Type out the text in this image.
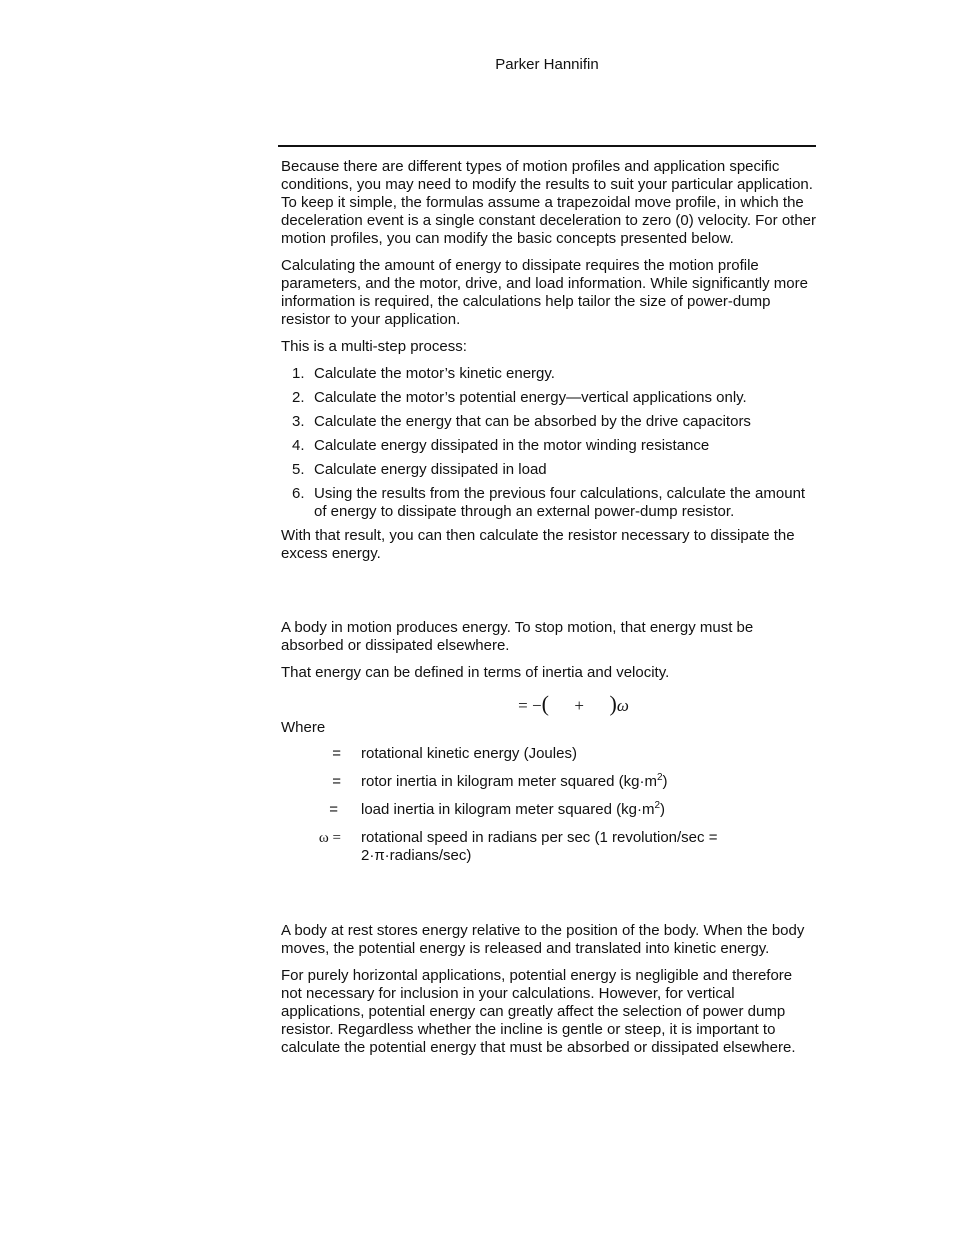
Parker Hannifin

Because there are different types of motion profiles and application specific conditions, you may need to modify the results to suit your particular application. To keep it simple, the formulas assume a trapezoidal move profile, in which the deceleration event is a single constant deceleration to zero (0) velocity. For other motion profiles, you can modify the basic concepts presented below.

Calculating the amount of energy to dissipate requires the motion profile parameters, and the motor, drive, and load information. While significantly more information is required, the calculations help tailor the size of power-dump resistor to your application.

This is a multi-step process:

1. Calculate the motor’s kinetic energy.
2. Calculate the motor’s potential energy—vertical applications only.
3. Calculate the energy that can be absorbed by the drive capacitors
4. Calculate energy dissipated in the motor winding resistance
5. Calculate energy dissipated in load
6. Using the results from the previous four calculations, calculate the amount of energy to dissipate through an external power-dump resistor.

With that result, you can then calculate the resistor necessary to dissipate the excess energy.

A body in motion produces energy. To stop motion, that energy must be absorbed or dissipated elsewhere.

That energy can be defined in terms of inertia and velocity.

= −( + )ω

Where

= rotational kinetic energy (Joules)
= rotor inertia in kilogram meter squared $(kg\cdot m^2)$
= load inertia in kilogram meter squared $(kg\cdot m^2)$
ω = rotational speed in radians per sec (1 revolution/sec = 2·π·radians/sec)

A body at rest stores energy relative to the position of the body. When the body moves, the potential energy is released and translated into kinetic energy.

For purely horizontal applications, potential energy is negligible and therefore not necessary for inclusion in your calculations. However, for vertical applications, potential energy can greatly affect the selection of power dump resistor. Regardless whether the incline is gentle or steep, it is important to calculate the potential energy that must be absorbed or dissipated elsewhere.
